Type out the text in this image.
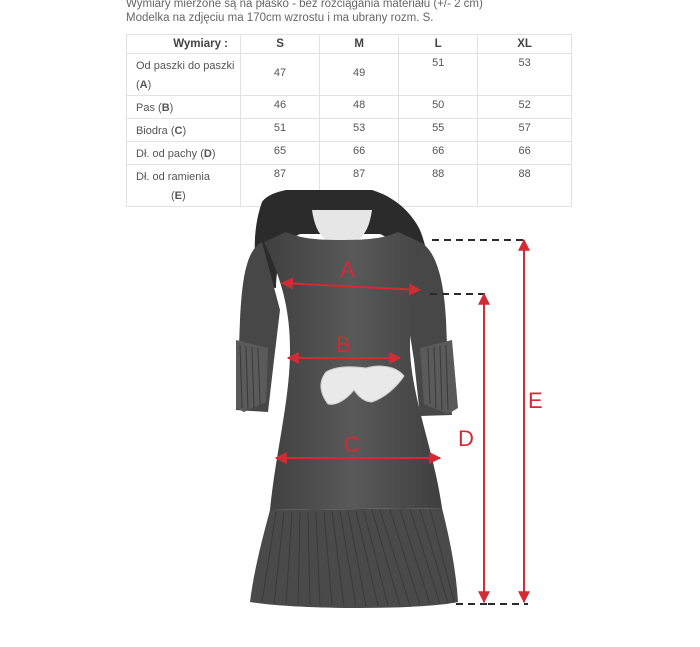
Wymiary mierzone są na płasko - bez rozciągania materiału (+/- 2 cm)
Modelka na zdjęciu ma 170cm wzrostu i ma ubrany rozm. S.
Wymiary :	S	M	L	XL
Od paszki do paszki (A)	47	49	51	53
Pas (B)	46	48	50	52
Biodra (C)	51	53	55	57
Dł. od pachy (D)	65	66	66	66
Dł. od ramienia
(E)	87	87	88	88
A
B
C	D
E
